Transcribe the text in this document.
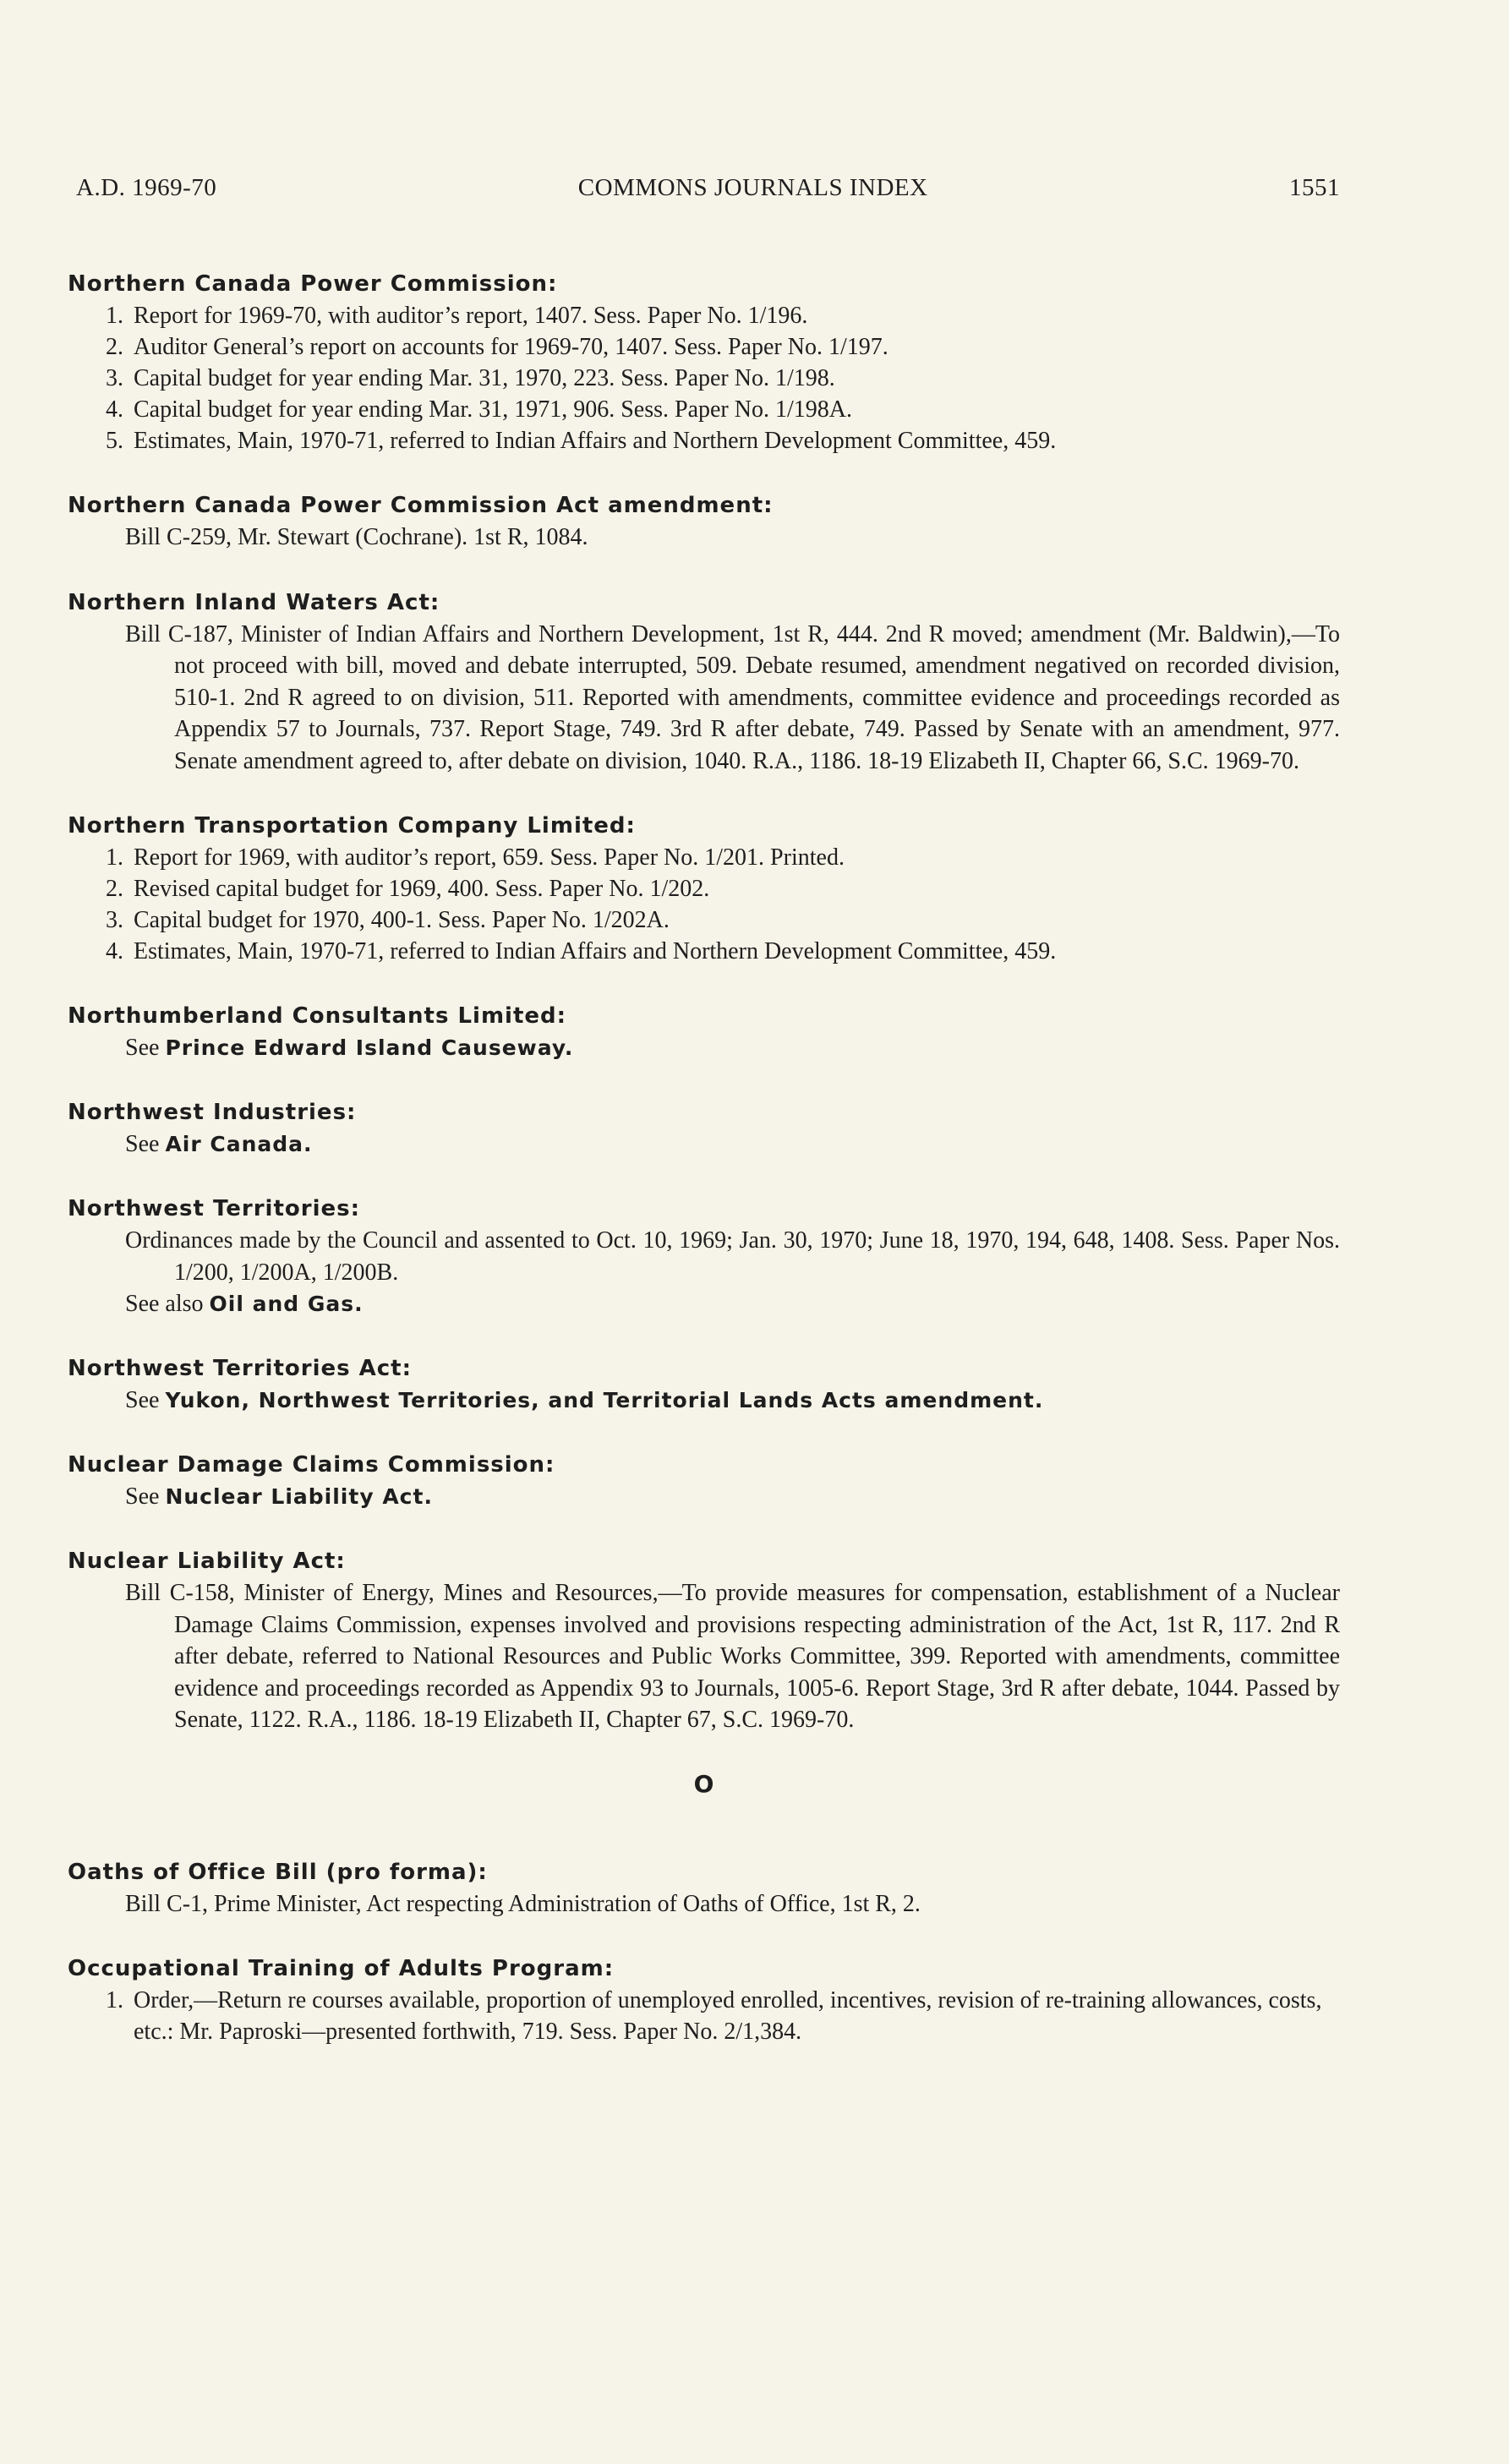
A.D. 1969-70	COMMONS JOURNALS INDEX	1551
Northern Canada Power Commission:
1. Report for 1969-70, with auditor’s report, 1407. Sess. Paper No. 1/196.
2. Auditor General’s report on accounts for 1969-70, 1407. Sess. Paper No. 1/197.
3. Capital budget for year ending Mar. 31, 1970, 223. Sess. Paper No. 1/198.
4. Capital budget for year ending Mar. 31, 1971, 906. Sess. Paper No. 1/198A.
5. Estimates, Main, 1970-71, referred to Indian Affairs and Northern Development Committee, 459.
Northern Canada Power Commission Act amendment:
Bill C-259, Mr. Stewart (Cochrane). 1st R, 1084.
Northern Inland Waters Act:
Bill C-187, Minister of Indian Affairs and Northern Development, 1st R, 444. 2nd R moved; amendment (Mr. Baldwin),—To not proceed with bill, moved and debate interrupted, 509. Debate resumed, amendment negatived on recorded division, 510-1. 2nd R agreed to on division, 511. Reported with amendments, committee evidence and proceedings recorded as Appendix 57 to Journals, 737. Report Stage, 749. 3rd R after debate, 749. Passed by Senate with an amendment, 977. Senate amendment agreed to, after debate on division, 1040. R.A., 1186. 18-19 Elizabeth II, Chapter 66, S.C. 1969-70.
Northern Transportation Company Limited:
1. Report for 1969, with auditor’s report, 659. Sess. Paper No. 1/201. Printed.
2. Revised capital budget for 1969, 400. Sess. Paper No. 1/202.
3. Capital budget for 1970, 400-1. Sess. Paper No. 1/202A.
4. Estimates, Main, 1970-71, referred to Indian Affairs and Northern Development Committee, 459.
Northumberland Consultants Limited:
See Prince Edward Island Causeway.
Northwest Industries:
See Air Canada.
Northwest Territories:
Ordinances made by the Council and assented to Oct. 10, 1969; Jan. 30, 1970; June 18, 1970, 194, 648, 1408. Sess. Paper Nos. 1/200, 1/200A, 1/200B.
See also Oil and Gas.
Northwest Territories Act:
See Yukon, Northwest Territories, and Territorial Lands Acts amendment.
Nuclear Damage Claims Commission:
See Nuclear Liability Act.
Nuclear Liability Act:
Bill C-158, Minister of Energy, Mines and Resources,—To provide measures for compensation, establishment of a Nuclear Damage Claims Commission, expenses involved and provisions respecting administration of the Act, 1st R, 117. 2nd R after debate, referred to National Resources and Public Works Committee, 399. Reported with amendments, committee evidence and proceedings recorded as Appendix 93 to Journals, 1005-6. Report Stage, 3rd R after debate, 1044. Passed by Senate, 1122. R.A., 1186. 18-19 Elizabeth II, Chapter 67, S.C. 1969-70.
O
Oaths of Office Bill (pro forma):
Bill C-1, Prime Minister, Act respecting Administration of Oaths of Office, 1st R, 2.
Occupational Training of Adults Program:
1. Order,—Return re courses available, proportion of unemployed enrolled, incentives, revision of re-training allowances, costs, etc.: Mr. Paproski—presented forthwith, 719. Sess. Paper No. 2/1,384.
